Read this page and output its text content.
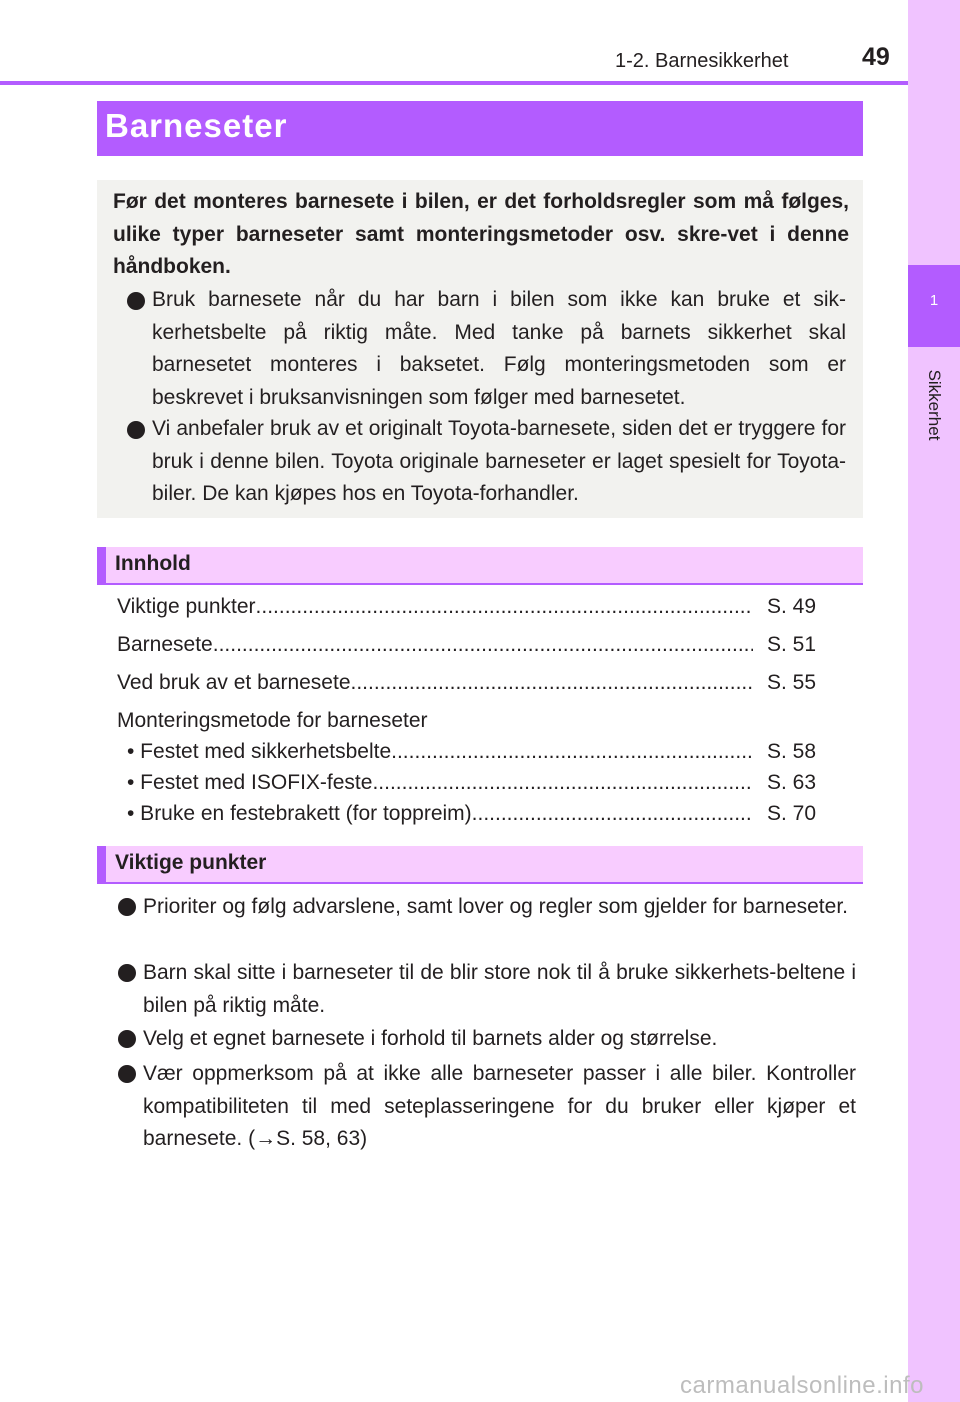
1
Sikkerhet
1-2. Barnesikkerhet	49
Barneseter
Før det monteres barnesete i bilen, er det forholdsregler som må følges, ulike typer barneseter samt monteringsmetoder osv. skre-vet i denne håndboken.
Bruk barnesete når du har barn i bilen som ikke kan bruke et sik-kerhetsbelte på riktig måte. Med tanke på barnets sikkerhet skal barnesetet monteres i baksetet. Følg monteringsmetoden som er beskrevet i bruksanvisningen som følger med barnesetet.
Vi anbefaler bruk av et originalt Toyota-barnesete, siden det er tryggere for bruk i denne bilen. Toyota originale barneseter er laget spesielt for Toyota-biler. De kan kjøpes hos en Toyota-forhandler.
Innhold
Viktige punkter .....	S. 49
Barnesete .....	S. 51
Ved bruk av et barnesete .....	S. 55
Monteringsmetode for barneseter
• Festet med sikkerhetsbelte .....	S. 58
• Festet med ISOFIX-feste .....	S. 63
• Bruke en festebrakett (for toppreim) .....	S. 70
Viktige punkter
Prioriter og følg advarslene, samt lover og regler som gjelder for barneseter.
Barn skal sitte i barneseter til de blir store nok til å bruke sikkerhets-beltene i bilen på riktig måte.
Velg et egnet barnesete i forhold til barnets alder og størrelse.
Vær oppmerksom på at ikke alle barneseter passer i alle biler. Kontroller kompatibiliteten til med seteplasseringene for du bruker eller kjøper et barnesete. (→S. 58, 63)
carmanualsonline.info
